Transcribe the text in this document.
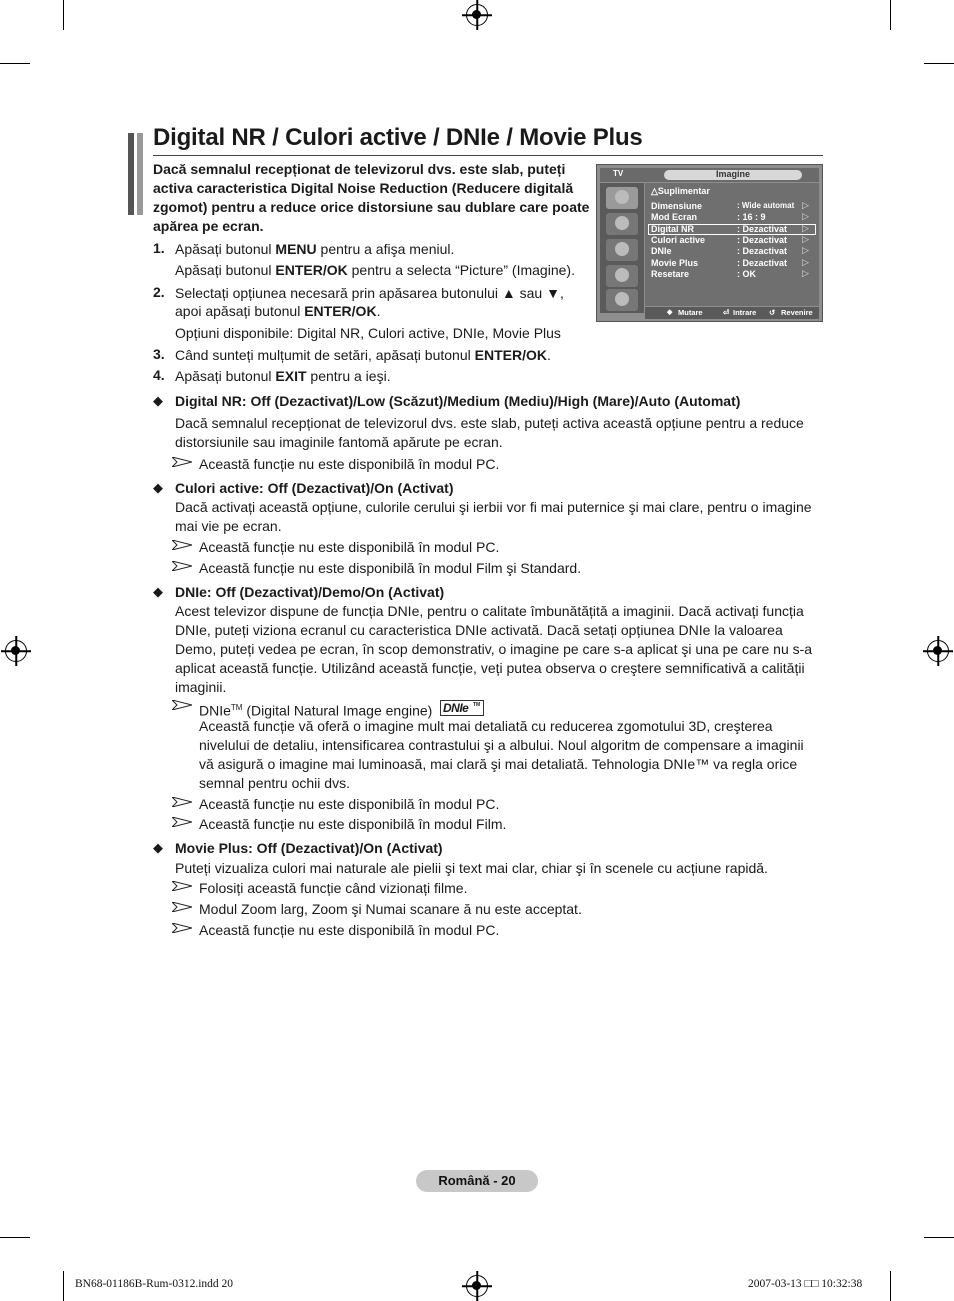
Digital NR / Culori active / DNIe / Movie Plus
Dacă semnalul recepționat de televizorul dvs. este slab, puteți
activa caracteristica Digital Noise Reduction (Reducere digitală
zgomot) pentru a reduce orice distorsiune sau dublare care poate
apărea pe ecran.
TV	Imagine
△Suplimentar
Dimensiune	: Wide automat ▷
Mod Ecran	: 16 : 9	▷
Digital NR	: Dezactivat ▷
Culori active	: Dezactivat ▷
DNIe	: Dezactivat ▷
Movie Plus	: Dezactivat ▷
Resetare	: OK	▷
◆ Mutare	⏎ Intrare ↺ Revenire
1. Apăsați butonul MENU pentru a afişa meniul.
Apăsați butonul ENTER/OK pentru a selecta “Picture” (Imagine).
2. Selectați opțiunea necesară prin apăsarea butonului ▲ sau ▼,
apoi apăsați butonul ENTER/OK.
Opțiuni disponibile: Digital NR, Culori active, DNIe, Movie Plus
3. Când sunteți mulțumit de setări, apăsați butonul ENTER/OK.
4. Apăsați butonul EXIT pentru a ieşi.
◆ Digital NR: Off (Dezactivat)/Low (Scăzut)/Medium (Mediu)/High (Mare)/Auto (Automat)
Dacă semnalul recepționat de televizorul dvs. este slab, puteți activa această opțiune pentru a reduce
distorsiunile sau imaginile fantomă apărute pe ecran.
Această funcție nu este disponibilă în modul PC.
◆ Culori active: Off (Dezactivat)/On (Activat)
Dacă activați această opțiune, culorile cerului şi ierbii vor fi mai puternice şi mai clare, pentru o imagine
mai vie pe ecran.
Această funcție nu este disponibilă în modul PC.
Această funcție nu este disponibilă în modul Film şi Standard.
◆ DNIe: Off (Dezactivat)/Demo/On (Activat)
Acest televizor dispune de funcția DNIe, pentru o calitate îmbunătățită a imaginii. Dacă activați funcția
DNIe, puteți viziona ecranul cu caracteristica DNIe activată. Dacă setați opțiunea DNIe la valoarea
Demo, puteți vedea pe ecran, în scop demonstrativ, o imagine pe care s-a aplicat şi una pe care nu s-a
aplicat această funcție. Utilizând această funcție, veți putea observa o creştere semnificativă a calității
imaginii.
DNIe™ (Digital Natural Image engine) DNIe TM
Această funcție vă oferă o imagine mult mai detaliată cu reducerea zgomotului 3D, creşterea
nivelului de detaliu, intensificarea contrastului şi a albului. Noul algoritm de compensare a imaginii
vă asigură o imagine mai luminoasă, mai clară şi mai detaliată. Tehnologia DNIe™ va regla orice
semnal pentru ochii dvs.
Această funcție nu este disponibilă în modul PC.
Această funcție nu este disponibilă în modul Film.
◆ Movie Plus: Off (Dezactivat)/On (Activat)
Puteți vizualiza culori mai naturale ale pielii şi text mai clar, chiar şi în scenele cu acțiune rapidă.
Folosiți această funcție când vizionați filme.
Modul Zoom larg, Zoom şi Numai scanare ă nu este acceptat.
Această funcție nu este disponibilă în modul PC.
Română - 20
BN68-01186B-Rum-0312.indd 20	2007-03-13 □□ 10:32:38
